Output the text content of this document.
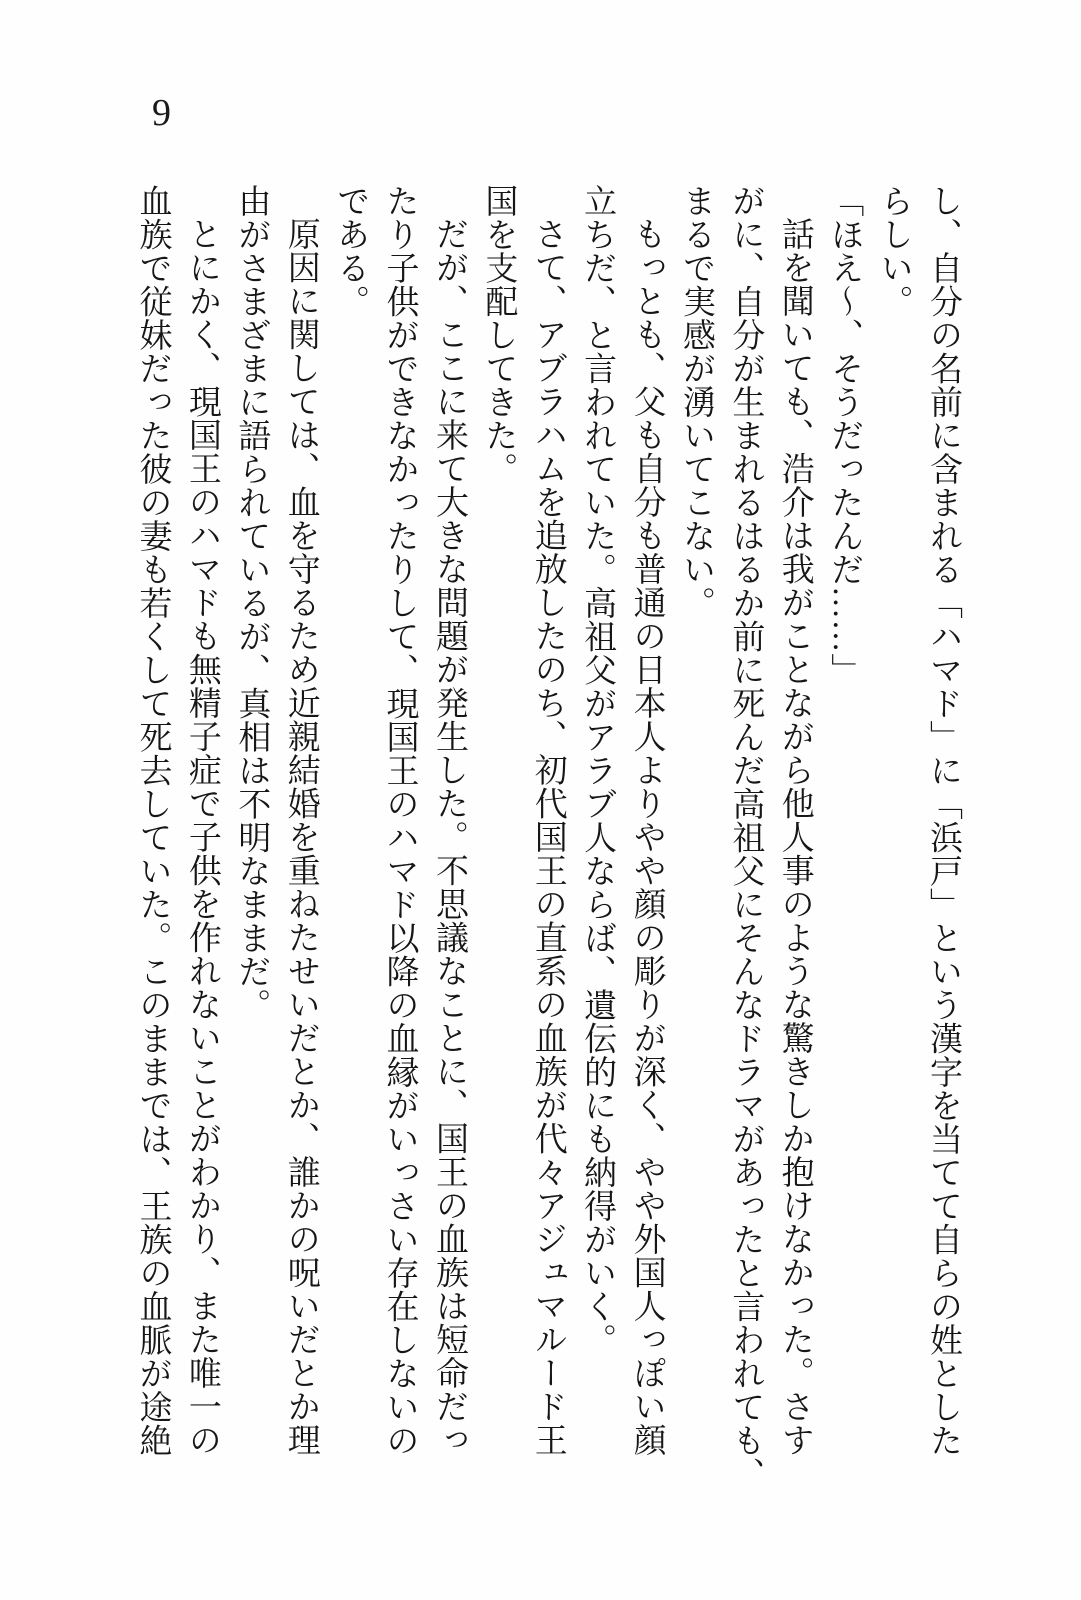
9

し、自分の名前に含まれる「ハマド」に「浜戸」という漢字を当てて自らの姓とした

らしい。

「ほえ～、そうだったんだ……」

話を聞いても、浩介は我がことながら他人事のような驚きしか抱けなかった。さす

がに、自分が生まれるはるか前に死んだ高祖父にそんなドラマがあったと言われても、

まるで実感が湧いてこない。

もっとも、父も自分も普通の日本人よりやや顔の彫りが深く、やや外国人っぽい顔

立ちだ、と言われていた。高祖父がアラブ人ならば、遺伝的にも納得がいく。

さて、アブラハムを追放したのち、初代国王の直系の血族が代々アジュマルード王

国を支配してきた。

だが、ここに来て大きな問題が発生した。不思議なことに、国王の血族は短命だっ

たり子供ができなかったりして、現国王のハマド以降の血縁がいっさい存在しないの

である。

原因に関しては、血を守るため近親結婚を重ねたせいだとか、誰かの呪いだとか理

由がさまざまに語られているが、真相は不明なままだ。

とにかく、現国王のハマドも無精子症で子供を作れないことがわかり、また唯一の

血族で従妹だった彼の妻も若くして死去していた。このままでは、王族の血脈が途絶
